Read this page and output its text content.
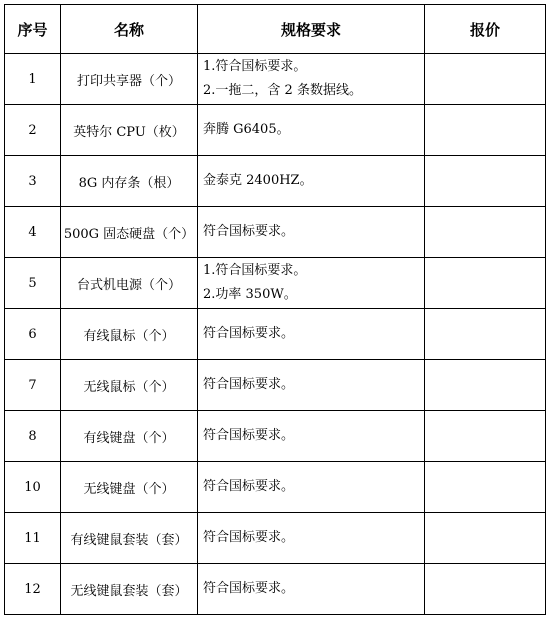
序号	名称	规格要求	报价
1	打印共享器（个）	1.符合国标要求。
2.一拖二，含 2 条数据线。	

2	英特尔 CPU（枚）	奔腾 G6405。	

3	8G 内存条（根）	金泰克 2400HZ。	

4	500G 固态硬盘（个）	符合国标要求。	

5	台式机电源（个）	1.符合国标要求。
2.功率 350W。	

6	有线鼠标（个）	符合国标要求。	

7	无线鼠标（个）	符合国标要求。	

8	有线键盘（个）	符合国标要求。	

10	无线键盘（个）	符合国标要求。	

11	有线键鼠套装（套）	符合国标要求。	

12	无线键鼠套装（套）	符合国标要求。	
